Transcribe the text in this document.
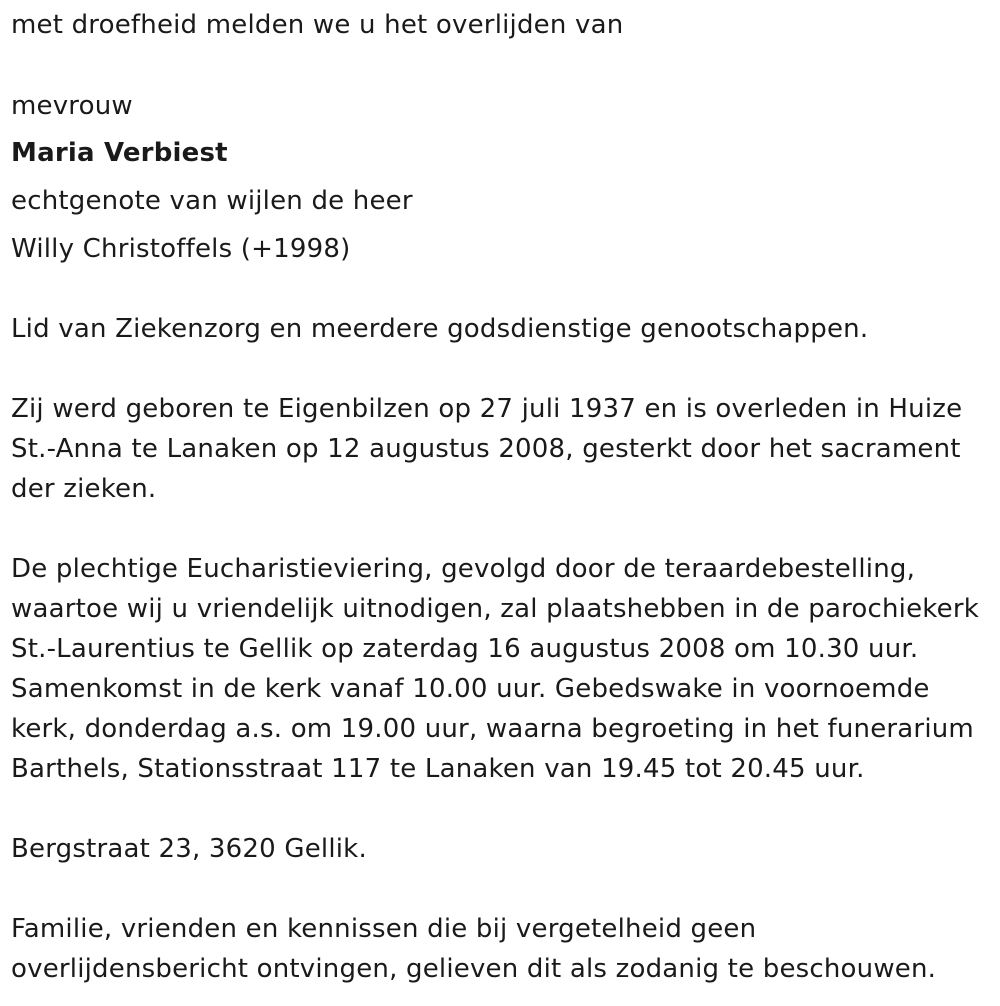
met droefheid melden we u het overlijden van
mevrouw
Maria Verbiest
echtgenote van wijlen de heer
Willy Christoffels (+1998)
Lid van Ziekenzorg en meerdere godsdienstige genootschappen.
Zij werd geboren te Eigenbilzen op 27 juli 1937 en is overleden in Huize
St.-Anna te Lanaken op 12 augustus 2008, gesterkt door het sacrament
der zieken.
De plechtige Eucharistieviering, gevolgd door de teraardebestelling,
waartoe wij u vriendelijk uitnodigen, zal plaatshebben in de parochiekerk
St.-Laurentius te Gellik op zaterdag 16 augustus 2008 om 10.30 uur.
Samenkomst in de kerk vanaf 10.00 uur. Gebedswake in voornoemde
kerk, donderdag a.s. om 19.00 uur, waarna begroeting in het funerarium
Barthels, Stationsstraat 117 te Lanaken van 19.45 tot 20.45 uur.
Bergstraat 23, 3620 Gellik.
Familie, vrienden en kennissen die bij vergetelheid geen
overlijdensbericht ontvingen, gelieven dit als zodanig te beschouwen.
